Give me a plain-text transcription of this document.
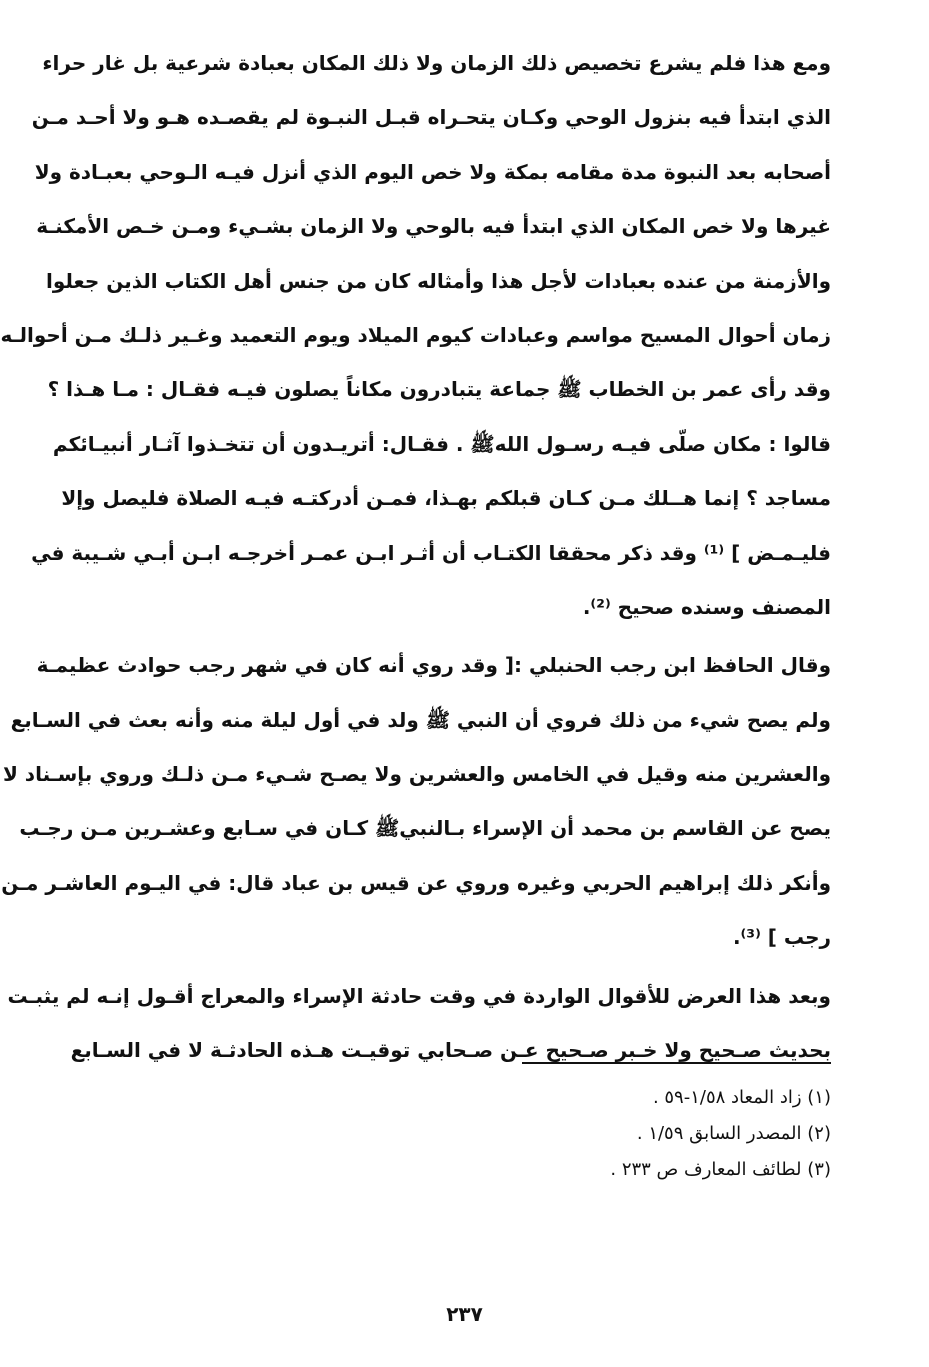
ومع هذا فلم يشرع تخصيص ذلك الزمان ولا ذلك المكان بعبادة شرعية بل غار حراء
الذي ابتدأ فيه بنزول الوحي وكـان يتحـراه قبـل النبـوة لم يقصـده هـو ولا أحـد مـن
أصحابه بعد النبوة مدة مقامه بمكة ولا خص اليوم الذي أنزل فيـه الـوحي بعبـادة ولا
غيرها ولا خص المكان الذي ابتدأ فيه بالوحي ولا الزمان بشـيء ومـن خـص الأمكنـة
والأزمنة من عنده بعبادات لأجل هذا وأمثاله كان من جنس أهل الكتاب الذين جعلوا
زمان أحوال المسيح مواسم وعبادات كيوم الميلاد ويوم التعميد وغـير ذلـك مـن أحوالـه
وقد رأى عمر بن الخطاب ﷺ جماعة يتبادرون مكاناً يصلون فيـه فقـال : مـا هـذا ؟
قالوا : مكان صلّى فيـه رسـول اللهﷺ . فقـال: أتريـدون أن تتخـذوا آثـار أنبيـائكم
مساجد ؟ إنما هــلك مـن كـان قبلكم بهـذا، فمـن أدركتـه فيـه الصلاة فليصل وإلا
فليـمـض ] ⁽¹⁾ وقد ذكر محققا الكتـاب أن أثـر ابـن عمـر أخرجـه ابـن أبـي شـيبة في
المصنف وسنده صحيح ⁽²⁾.
وقال الحافظ ابن رجب الحنبلي :[ وقد روي أنه كان في شهر رجب حوادث عظيمـة
ولم يصح شيء من ذلك فروي أن النبي ﷺ ولد في أول ليلة منه وأنه بعث في السـابع
والعشرين منه وقيل في الخامس والعشرين ولا يصـح شـيء مـن ذلـك وروي بإسـناد لا
يصح عن القاسم بن محمد أن الإسراء بـالنبيﷺ كـان في سـابع وعشـرين مـن رجـب
وأنكر ذلك إبراهيم الحربي وغيره وروي عن قيس بن عباد قال: في اليـوم العاشـر مـن
رجب ] ⁽³⁾.
وبعد هذا العرض للأقوال الواردة في وقت حادثة الإسراء والمعراج أقـول إنـه لم يثبـت
بحديث صـحيح ولا خـبر صـحيح عـن صـحابي توقيـت هـذه الحادثـة لا في السـابع
(١) زاد المعاد ١/٥٨-٥٩ .
(٢) المصدر السابق ١/٥٩ .
(٣) لطائف المعارف ص ٢٣٣ .
٢٣٧
